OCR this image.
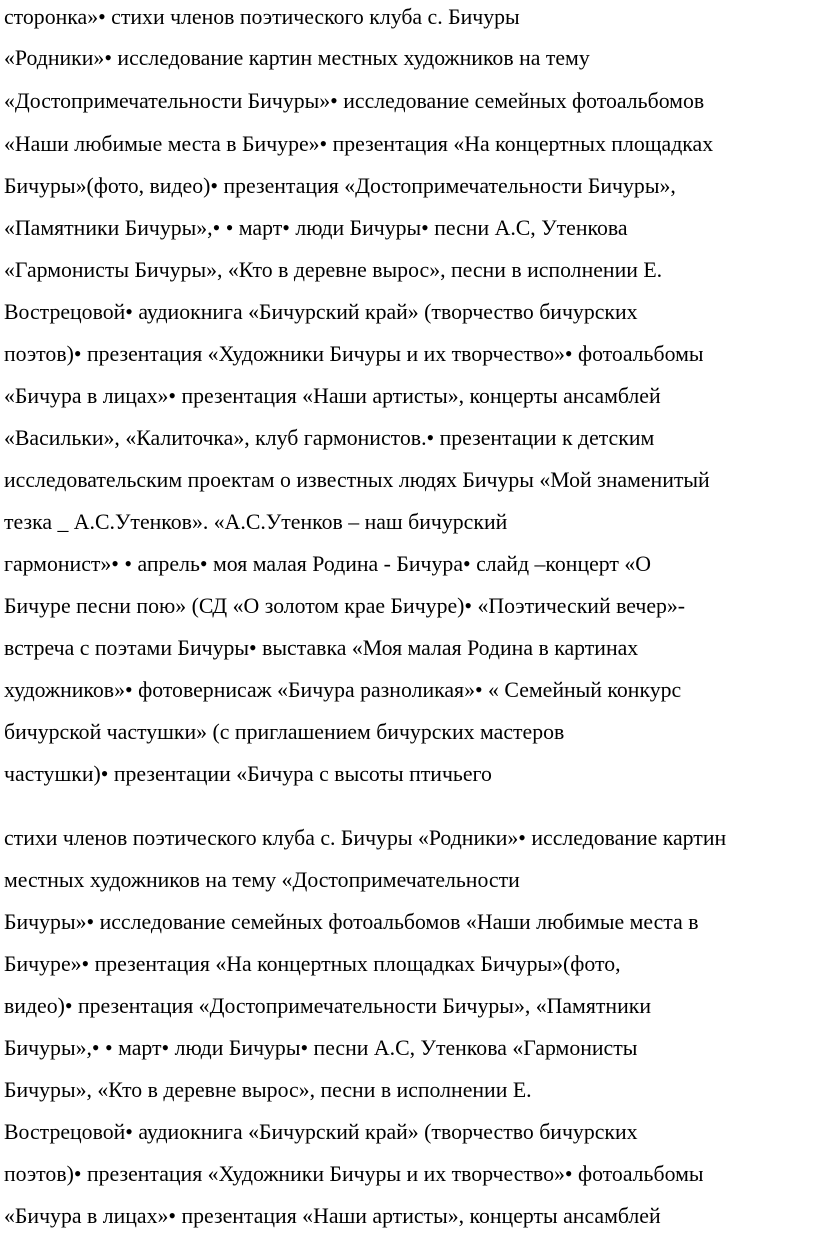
сторонка»• стихи членов поэтического клуба с. Бичуры
«Родники»• исследование картин местных художников на тему
«Достопримечательности Бичуры»• исследование семейных фотоальбомов
«Наши любимые места в Бичуре»• презентация «На концертных площадках
Бичуры»(фото, видео)• презентация «Достопримечательности Бичуры»,
«Памятники Бичуры»,• • март• люди Бичуры• песни А.С, Утенкова
«Гармонисты Бичуры», «Кто в деревне вырос», песни в исполнении Е.
Вострецовой• аудиокнига «Бичурский край» (творчество бичурских
поэтов)• презентация «Художники Бичуры и их творчество»• фотоальбомы
«Бичура в лицах»• презентация «Наши артисты», концерты ансамблей
«Васильки», «Калиточка», клуб гармонистов.• презентации к детским
исследовательским проектам о известных людях Бичуры «Мой знаменитый
тезка _ А.С.Утенков». «А.С.Утенков – наш бичурский
гармонист»• • апрель• моя малая Родина - Бичура• слайд –концерт «О
Бичуре песни пою» (СД «О золотом крае Бичуре)• «Поэтический вечер»-
встреча с поэтами Бичуры• выставка «Моя малая Родина в картинах
художников»• фотовернисаж «Бичура разноликая»• « Семейный конкурс
бичурской частушки» (с приглашением бичурских мастеров
частушки)• презентации «Бичура с высоты птичьего
стихи членов поэтического клуба с. Бичуры «Родники»• исследование картин
местных художников на тему «Достопримечательности
Бичуры»• исследование семейных фотоальбомов «Наши любимые места в
Бичуре»• презентация «На концертных площадках Бичуры»(фото,
видео)• презентация «Достопримечательности Бичуры», «Памятники
Бичуры»,• • март• люди Бичуры• песни А.С, Утенкова «Гармонисты
Бичуры», «Кто в деревне вырос», песни в исполнении Е.
Вострецовой• аудиокнига «Бичурский край» (творчество бичурских
поэтов)• презентация «Художники Бичуры и их творчество»• фотоальбомы
«Бичура в лицах»• презентация «Наши артисты», концерты ансамблей
